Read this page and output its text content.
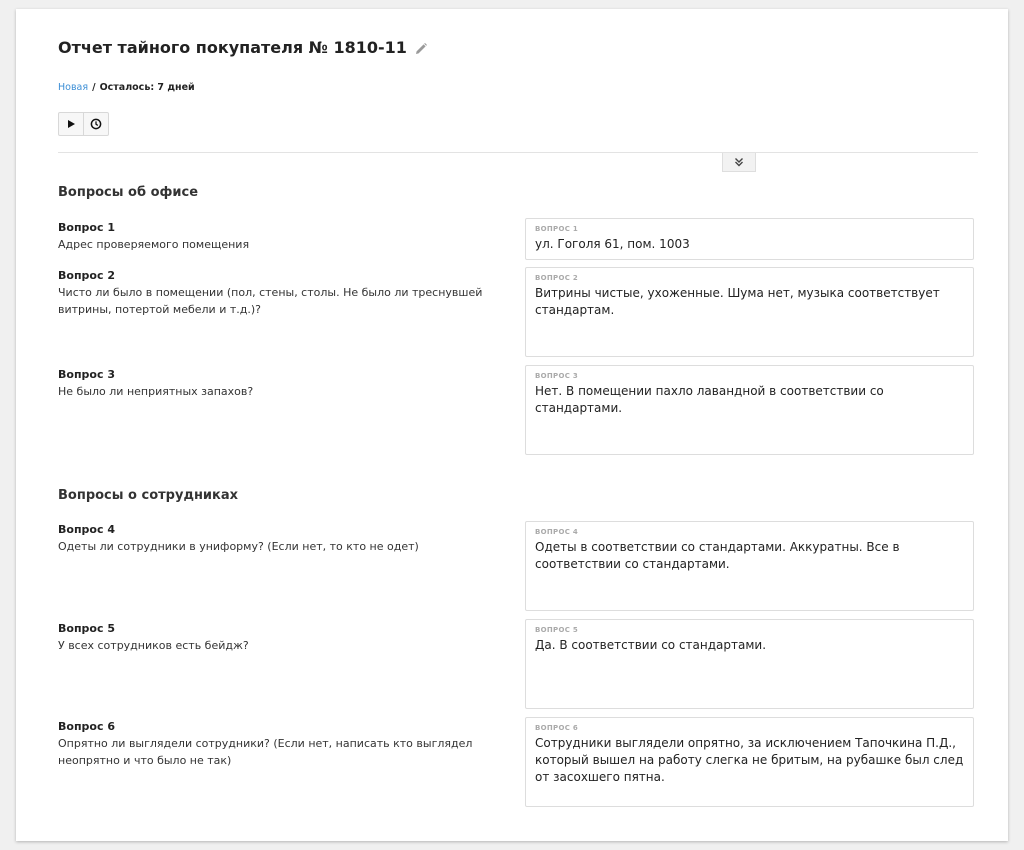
Отчет тайного покупателя № 1810-11
Новая / Осталось: 7 дней
Вопросы об офисе
Вопрос 1
Адрес проверяемого помещения
ВОПРОС 1
ул. Гоголя 61, пом. 1003
Вопрос 2
Чисто ли было в помещении (пол, стены, столы. Не было ли треснувшей витрины, потертой мебели и т.д.)?
ВОПРОС 2
Витрины чистые, ухоженные. Шума нет, музыка соответствует стандартам.
Вопрос 3
Не было ли неприятных запахов?
ВОПРОС 3
Нет. В помещении пахло лавандной в соответствии со стандартами.
Вопросы о сотрудниках
Вопрос 4
Одеты ли сотрудники в униформу? (Если нет, то кто не одет)
ВОПРОС 4
Одеты в соответствии со стандартами. Аккуратны. Все в соответствии со стандартами.
Вопрос 5
У всех сотрудников есть бейдж?
ВОПРОС 5
Да. В соответствии со стандартами.
Вопрос 6
Опрятно ли выглядели сотрудники? (Если нет, написать кто выглядел неопрятно и что было не так)
ВОПРОС 6
Сотрудники выглядели опрятно, за исключением Тапочкина П.Д., который вышел на работу слегка не бритым, на рубашке был след от засохшего пятна.
